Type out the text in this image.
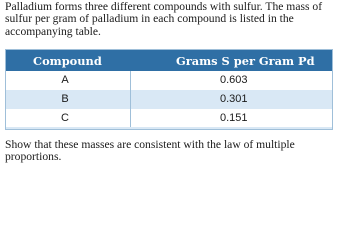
Palladium forms three different compounds with sulfur. The mass of sulfur per gram of palladium in each compound is listed in the accompanying table.

Compound	Grams S per Gram Pd
A	0.603
B	0.301
C	0.151

Show that these masses are consistent with the law of multiple proportions.
